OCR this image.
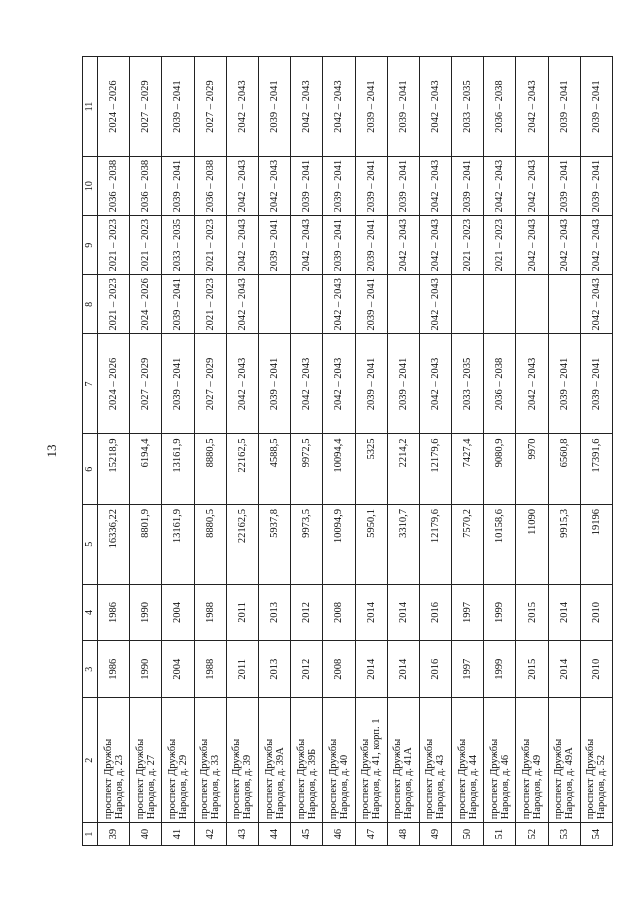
13
1	2	3	4	5	6	7	8	9	10	11
39	проспект Дружбы Народов, д. 23	1986	1986	16336,22	15218,9	2024 – 2026	2021 – 2023	2021 – 2023	2036 – 2038	2024 – 2026
40	проспект Дружбы Народов, д. 27	1990	1990	8801,9	6194,4	2027 – 2029	2024 – 2026	2021 – 2023	2036 – 2038	2027 – 2029
41	проспект Дружбы Народов, д. 29	2004	2004	13161,9	13161,9	2039 – 2041	2039 – 2041	2033 – 2035	2039 – 2041	2039 – 2041
42	проспект Дружбы Народов, д. 33	1988	1988	8880,5	8880,5	2027 – 2029	2021 – 2023	2021 – 2023	2036 – 2038	2027 – 2029
43	проспект Дружбы Народов, д. 39	2011	2011	22162,5	22162,5	2042 – 2043	2042 – 2043	2042 – 2043	2042 – 2043	2042 – 2043
44	проспект Дружбы Народов, д. 39А	2013	2013	5937,8	4588,5	2039 – 2041		2039 – 2041	2042 – 2043	2039 – 2041
45	проспект Дружбы Народов, д. 39Б	2012	2012	9973,5	9972,5	2042 – 2043		2042 – 2043	2039 – 2041	2042 – 2043
46	проспект Дружбы Народов, д. 40	2008	2008	10094,9	10094,4	2042 – 2043	2042 – 2043	2039 – 2041	2039 – 2041	2042 – 2043
47	проспект Дружбы Народов, д. 41, корп. 1	2014	2014	5950,1	5325	2039 – 2041	2039 – 2041	2039 – 2041	2039 – 2041	2039 – 2041
48	проспект Дружбы Народов, д. 41А	2014	2014	3310,7	2214,2	2039 – 2041		2042 – 2043	2039 – 2041	2039 – 2041
49	проспект Дружбы Народов, д. 43	2016	2016	12179,6	12179,6	2042 – 2043	2042 – 2043	2042 – 2043	2042 – 2043	2042 – 2043
50	проспект Дружбы Народов, д. 44	1997	1997	7570,2	7427,4	2033 – 2035		2021 – 2023	2039 – 2041	2033 – 2035
51	проспект Дружбы Народов, д. 46	1999	1999	10158,6	9080,9	2036 – 2038		2021 – 2023	2042 – 2043	2036 – 2038
52	проспект Дружбы Народов, д. 49	2015	2015	11090	9970	2042 – 2043		2042 – 2043	2042 – 2043	2042 – 2043
53	проспект Дружбы Народов, д. 49А	2014	2014	9915,3	6560,8	2039 – 2041		2042 – 2043	2039 – 2041	2039 – 2041
54	проспект Дружбы Народов, д. 52	2010	2010	19196	17391,6	2039 – 2041	2042 – 2043	2042 – 2043	2039 – 2041	2039 – 2041
